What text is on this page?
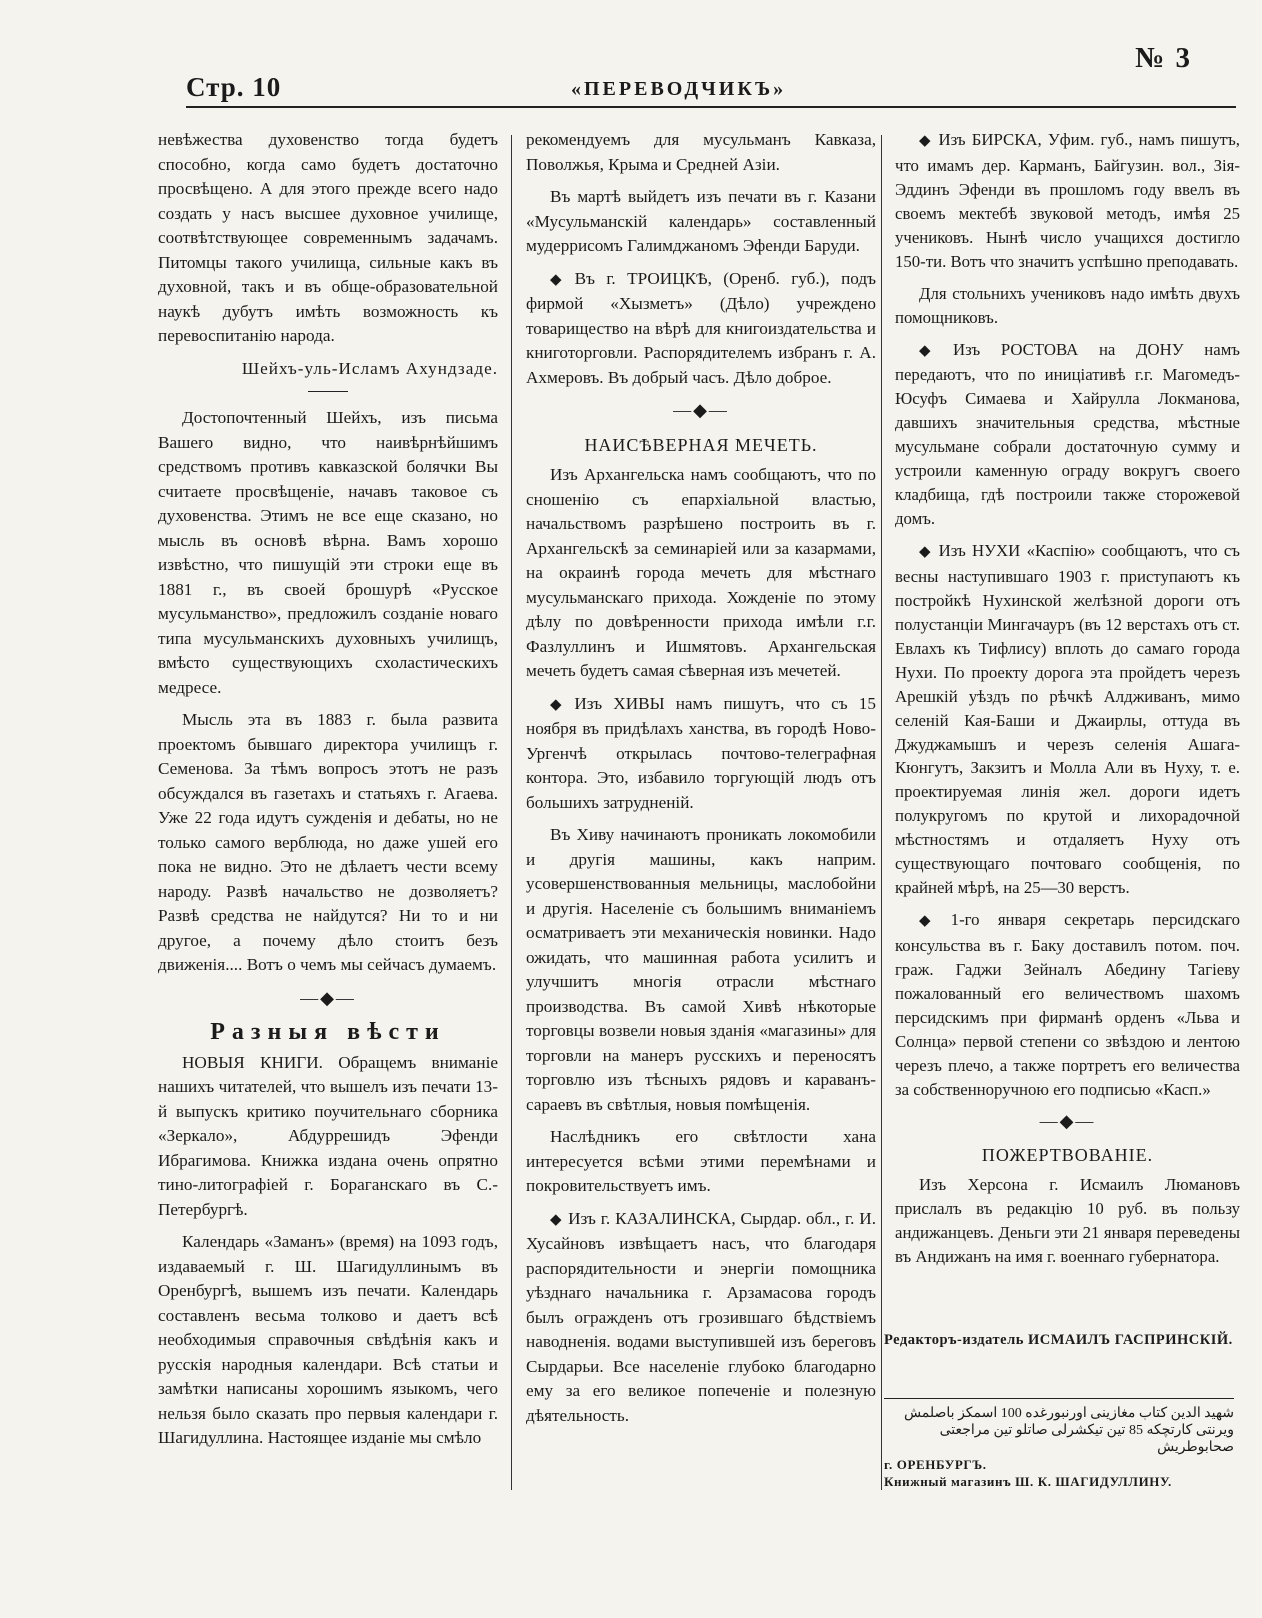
Стр. 10	«ПЕРЕВОДЧИКЪ»
№ 3

невѣжества духовенство тогда будетъ способно, когда само будетъ достаточно просвѣщено. А для этого прежде всего надо создать у насъ высшее духовное училище, соотвѣтствующее современнымъ задачамъ. Питомцы такого училища, сильные какъ въ духовной, такъ и въ обще-образовательной наукѣ дубутъ имѣть возможность къ перевоспитанію народа.

Шейхъ-уль-Исламъ Ахундзаде.

Достопочтенный Шейхъ, изъ письма Вашего видно, что наивѣрнѣйшимъ средствомъ противъ кавказской болячки Вы считаете просвѣщеніе, начавъ таковое съ духовенства. Этимъ не все еще сказано, но мысль въ основѣ вѣрна. Вамъ хорошо извѣстно, что пишущій эти строки еще въ 1881 г., въ своей брошурѣ «Русское мусульманство», предложилъ созданіе новаго типа мусульманскихъ духовныхъ училищъ, вмѣсто существующихъ схоластическихъ медресе.

Мысль эта въ 1883 г. была развита проектомъ бывшаго директора училищъ г. Семенова. За тѣмъ вопросъ этотъ не разъ обсуждался въ газетахъ и статьяхъ г. Агаева. Уже 22 года идутъ сужденія и дебаты, но не только самого верблюда, но даже ушей его пока не видно. Это не дѣлаетъ чести всему народу. Развѣ начальство не дозволяетъ? Развѣ средства не найдутся? Ни то и ни другое, а почему дѣло стоитъ безъ движенія.... Вотъ о чемъ мы сейчасъ думаемъ.

—◆—
Разныя вѣсти

НОВЫЯ КНИГИ. Обращемъ вниманіе нашихъ читателей, что вышелъ изъ печати 13-й выпускъ критико поучительнаго сборника «Зеркало», Абдуррешидъ Эфенди Ибрагимова. Книжка издана очень опрятно тино-литографіей г. Бораганскаго въ С.-Петербургѣ.

Календарь «Заманъ» (время) на 1093 годъ, издаваемый г. Ш. Шагидуллинымъ въ Оренбургѣ, вышемъ изъ печати. Календарь составленъ весьма толково и даетъ всѣ необходимыя справочныя свѣдѣнія какъ и русскія народныя календари. Всѣ статьи и замѣтки написаны хорошимъ языкомъ, чего нельзя было сказать про первыя календари г. Шагидуллина. Настоящее изданіе мы смѣло

рекомендуемъ для мусульманъ Кавказа, Поволжья, Крыма и Средней Азіи.

Въ мартѣ выйдетъ изъ печати въ г. Казани «Мусульманскій календарь» составленный мудеррисомъ Галимджаномъ Эфенди Баруди.

◆ Въ г. ТРОИЦКѢ, (Оренб. губ.), подъ фирмой «Хызметъ» (Дѣло) учреждено товарищество на вѣрѣ для книгоиздательства и книготорговли. Распорядителемъ избранъ г. А. Ахмеровъ. Въ добрый часъ. Дѣло доброе.

—◆—
НАИСѢВЕРНАЯ МЕЧЕТЬ.

Изъ Архангельска намъ сообщаютъ, что по сношенію съ епархіальной властью, начальствомъ разрѣшено построить въ г. Архангельскѣ за семинаріей или за казармами, на окраинѣ города мечеть для мѣстнаго мусульманскаго прихода. Хожденіе по этому дѣлу по довѣренности прихода имѣли г.г. Фазлуллинъ и Ишмятовъ. Архангельская мечеть будетъ самая сѣверная изъ мечетей.

◆ Изъ ХИВЫ намъ пишутъ, что съ 15 ноября въ придѣлахъ ханства, въ городѣ Ново-Ургенчѣ открылась почтово-телеграфная контора. Это, избавило торгующій людъ отъ большихъ затрудненій.

Въ Хиву начинаютъ проникать локомобили и другія машины, какъ наприм. усовершенствованныя мельницы, маслобойни и другія. Населеніе съ большимъ вниманіемъ осматриваетъ эти механическія новинки. Надо ожидать, что машинная работа усилитъ и улучшитъ многія отрасли мѣстнаго производства. Въ самой Хивѣ нѣкоторые торговцы возвели новыя зданія «магазины» для торговли на манеръ русскихъ и переносятъ торговлю изъ тѣсныхъ рядовъ и караванъ-сараевъ въ свѣтлыя, новыя помѣщенія.

Наслѣдникъ его свѣтлости хана интересуется всѣми этими перемѣнами и покровительствуетъ имъ.

◆ Изъ г. КАЗАЛИНСКА, Сырдар. обл., г. И. Хусайновъ извѣщаетъ насъ, что благодаря распорядительности и энергіи помощника уѣзднаго начальника г. Арзамасова городъ былъ огражденъ отъ грозившаго бѣдствіемъ наводненія. водами выступившей изъ береговъ Сырдарьи. Все населеніе глубоко благодарно ему за его великое попеченіе и полезную дѣятельность.

◆ Изъ БИРСКА, Уфим. губ., намъ пишутъ, что имамъ дер. Карманъ, Байгузин. вол., Зія-Эддинъ Эфенди въ прошломъ году ввелъ въ своемъ мектебѣ звуковой методъ, имѣя 25 учениковъ. Нынѣ число учащихся достигло 150-ти. Вотъ что значитъ успѣшно преподавать.

Для стольнихъ учениковъ надо имѣть двухъ помощниковъ.

◆ Изъ РОСТОВА на ДОНУ намъ передаютъ, что по иниціативѣ г.г. Магомедъ-Юсуфъ Симаева и Хайрулла Локманова, давшихъ значительныя средства, мѣстные мусульмане собрали достаточную сумму и устроили каменную ограду вокругъ своего кладбища, гдѣ построили также сторожевой домъ.

◆ Изъ НУХИ «Каспію» сообщаютъ, что съ весны наступившаго 1903 г. приступаютъ къ постройкѣ Нухинской желѣзной дороги отъ полустанціи Мингачауръ (въ 12 верстахъ отъ ст. Евлахъ къ Тифлису) вплоть до самаго города Нухи. По проекту дорога эта пройдетъ черезъ Арешкій уѣздъ по рѣчкѣ Алдживанъ, мимо селеній Кая-Баши и Джаирлы, оттуда въ Джуджамышъ и черезъ селенія Ашага-Кюнгутъ, Закзитъ и Молла Али въ Нуху, т. е. проектируемая линія жел. дороги идетъ полукругомъ по крутой и лихорадочной мѣстностямъ и отдаляетъ Нуху отъ существующаго почтоваго сообщенія, по крайней мѣрѣ, на 25—30 верстъ.

◆ 1-го января секретарь персидскаго консульства въ г. Баку доставилъ потом. поч. граж. Гаджи Зейналъ Абедину Тагіеву пожалованный его величествомъ шахомъ персидскимъ при фирманѣ орденъ «Льва и Солнца» первой степени со звѣздою и лентою черезъ плечо, а также портретъ его величества за собственноручною его подписью «Касп.»

—◆—
ПОЖЕРТВОВАНІЕ.

Изъ Херсона г. Исмаилъ Люмановъ прислалъ въ редакцію 10 руб. въ пользу андижанцевъ. Деньги эти 21 января переведены въ Андижанъ на имя г. военнаго губернатора.

Редакторъ-издатель ИСМАИЛЪ ГАСПРИНСКІЙ.
شهید الدین کتاب مغازینی اورنبورغده 100 اسمکز باصلمش
ویرنتی کارتچکه 85 تین تیکشرلی صاتلو تین مراجعتی صحابوطریش
г. ОРЕНБУРГЪ.
Книжный магазинъ Ш. К. ШАГИДУЛЛИНУ.
